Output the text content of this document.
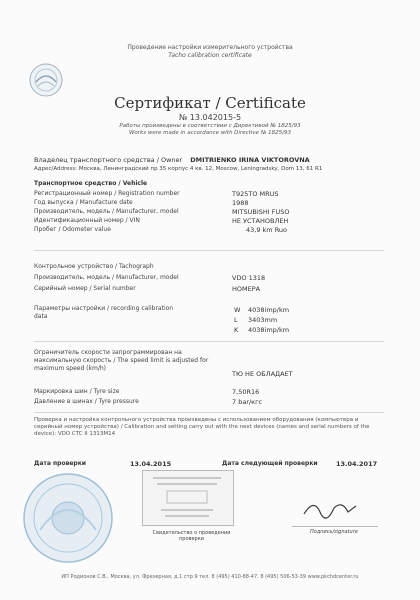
Проведение настройки измерительного устройства
Tacho calibration certificate
Сертификат / Certificate
№ 13.042015-5
Работы произведены в соответствии с Директивой № 1825/93
Works were made in accordance with Directive № 1825/93
Владелец транспортного средства / Owner DMITRIENKO IRINA VIKTOROVNA
Адрес/Address: Москва, Ленинградский пр 35 корпус 4 кв. 12, Moscow, Leningradsky, Dom 13, 61 R1
Транспортное средство / Vehicle
Регистрационный номер / Registration number	T925TO MRUS
Год выпуска / Manufacture date	1988
Производитель, модель / Manufacturer, model	MITSUBISHI FUSO
Идентификационный номер / VIN	НЕ УСТАНОВЛЕН
Пробег / Odometer value	43,9 km Ruo
Контрольное устройство / Tachograph
Производитель, модель / Manufacturer, model	VDO 1318
Серийный номер / Serial number	НОМЕРА
Параметры настройки / recording calibration data
W 4038imp/km
L 3403mm
K 4038imp/km
Ограничитель скорости запрограммирован на максимальную скорость / The speed limit is adjusted for maximum speed (km/h)
ТЮ НЕ ОБЛАДАЕТ
Маркировка шин / Tyre size	7,50R16
Давление в шинах / Tyre pressure	7 bar/кгс
Проверка и настройка контрольного устройства произведены с использованием оборудования (компьютера и серийный номер устройства) / Calibration and setting carry out with the next devices (names and serial numbers of the device): VDO CTC II 1313M14
Дата проверки	13.04.2015	Дата следующей проверки	13.04.2017
Свидетельство о проведении проверки
Подпись/signature
ИП Родионов С.В., Москва, ул. Фрезерная, д.1 стр.9 тел. 8 (495) 410-88-47, 8 (495) 506-53-39 www.pkchdcenter.ru
